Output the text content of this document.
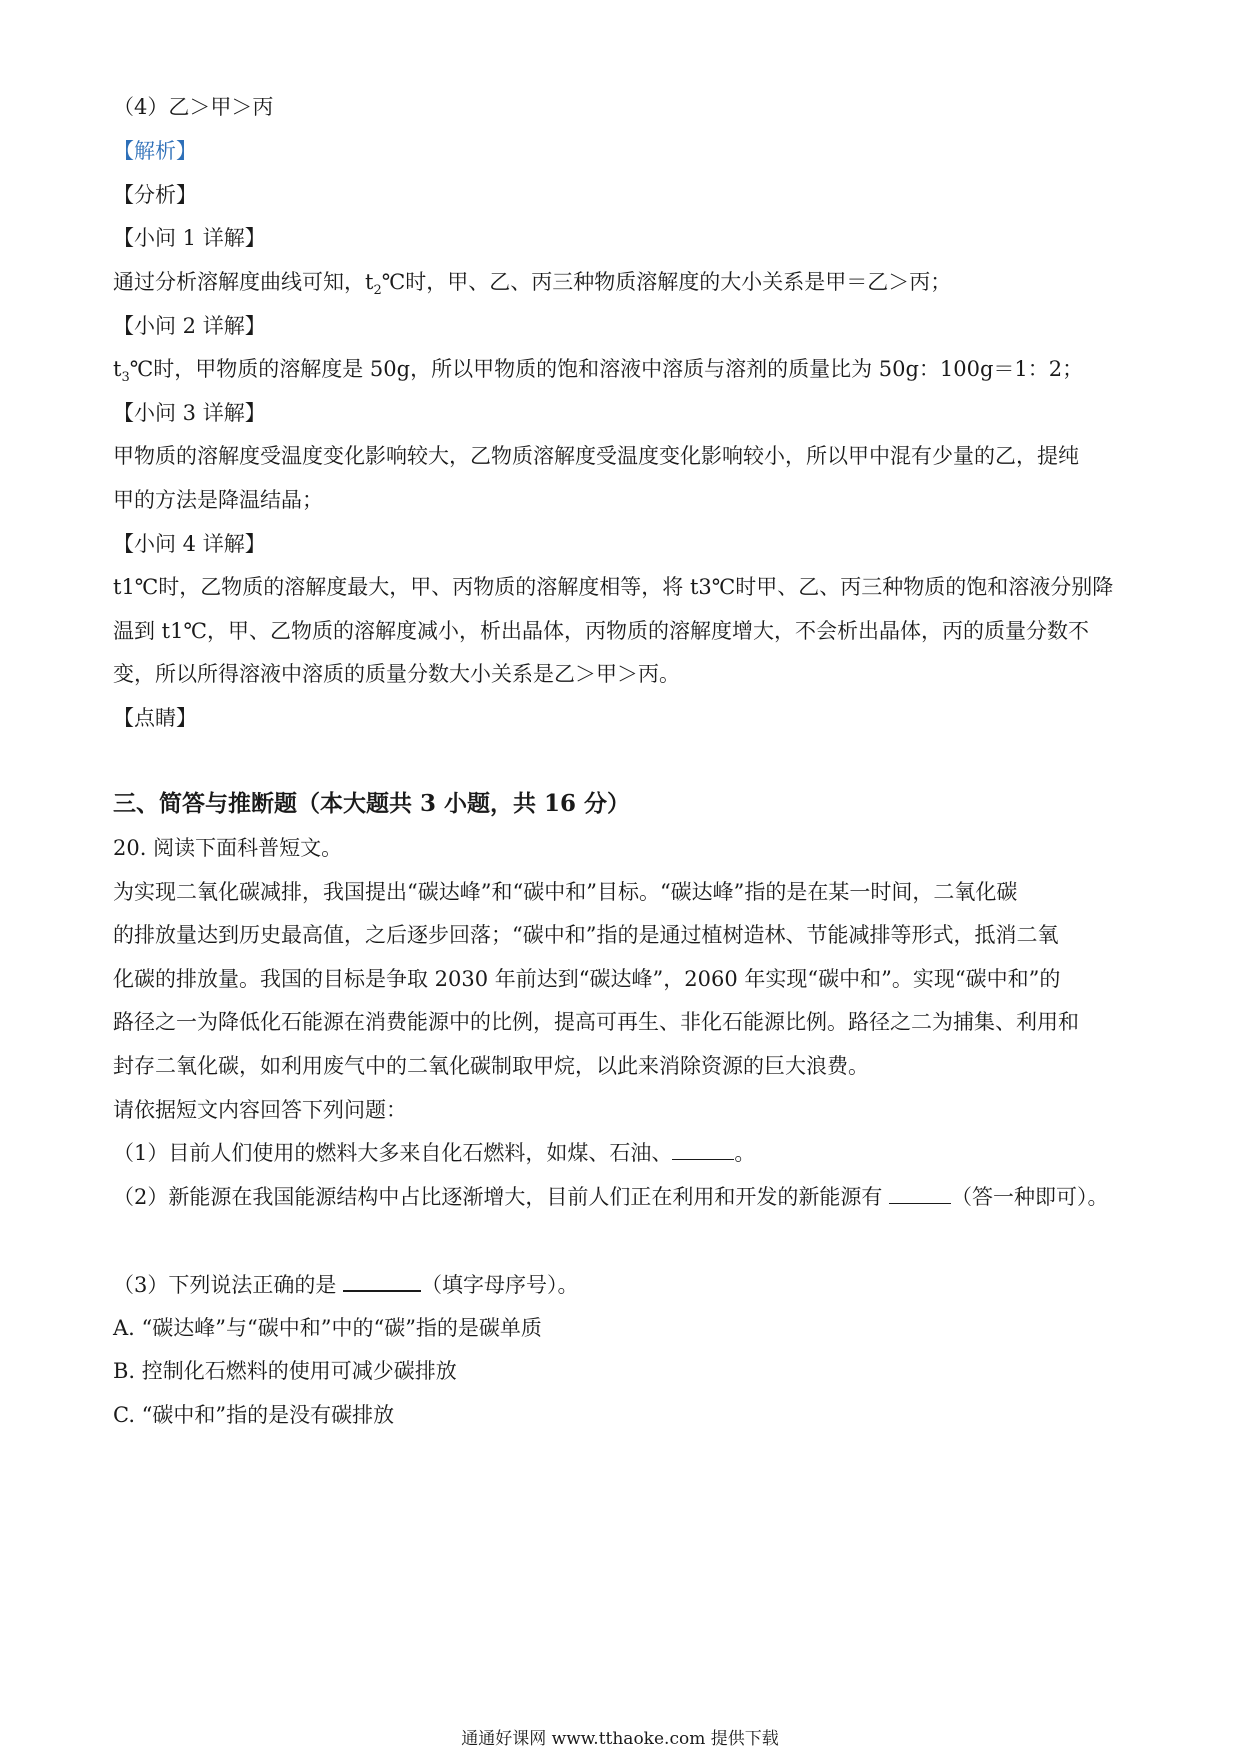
（4）乙＞甲＞丙
【解析】
【分析】
【小问 1 详解】
通过分析溶解度曲线可知，$t_2℃$时，甲、乙、丙三种物质溶解度的大小关系是甲＝乙＞丙；
【小问 2 详解】
$t_3℃$时，甲物质的溶解度是 50g，所以甲物质的饱和溶液中溶质与溶剂的质量比为 50g：100g＝1：2；
【小问 3 详解】
甲物质的溶解度受温度变化影响较大，乙物质溶解度受温度变化影响较小，所以甲中混有少量的乙，提纯
甲的方法是降温结晶；
【小问 4 详解】
t1℃时，乙物质的溶解度最大，甲、丙物质的溶解度相等，将 t3℃时甲、乙、丙三种物质的饱和溶液分别降
温到 t1℃，甲、乙物质的溶解度减小，析出晶体，丙物质的溶解度增大，不会析出晶体，丙的质量分数不
变，所以所得溶液中溶质的质量分数大小关系是乙＞甲＞丙。
【点睛】
三、简答与推断题（本大题共 3 小题，共 16 分）
20. 阅读下面科普短文。
为实现二氧化碳减排，我国提出“碳达峰”和“碳中和”目标。“碳达峰”指的是在某一时间，二氧化碳
的排放量达到历史最高值，之后逐步回落；“碳中和”指的是通过植树造林、节能减排等形式，抵消二氧
化碳的排放量。我国的目标是争取 2030 年前达到“碳达峰”，2060 年实现“碳中和”。实现“碳中和”的
路径之一为降低化石能源在消费能源中的比例，提高可再生、非化石能源比例。路径之二为捕集、利用和
封存二氧化碳，如利用废气中的二氧化碳制取甲烷，以此来消除资源的巨大浪费。
请依据短文内容回答下列问题：
（1）目前人们使用的燃料大多来自化石燃料，如煤、石油、	。
（2）新能源在我国能源结构中占比逐渐增大，目前人们正在利用和开发的新能源有	（答一种即可）。
（3）下列说法正确的是	（填字母序号）。
A. “碳达峰”与“碳中和”中的“碳”指的是碳单质
B. 控制化石燃料的使用可减少碳排放
C. “碳中和”指的是没有碳排放
通通好课网 www.tthaoke.com 提供下载
